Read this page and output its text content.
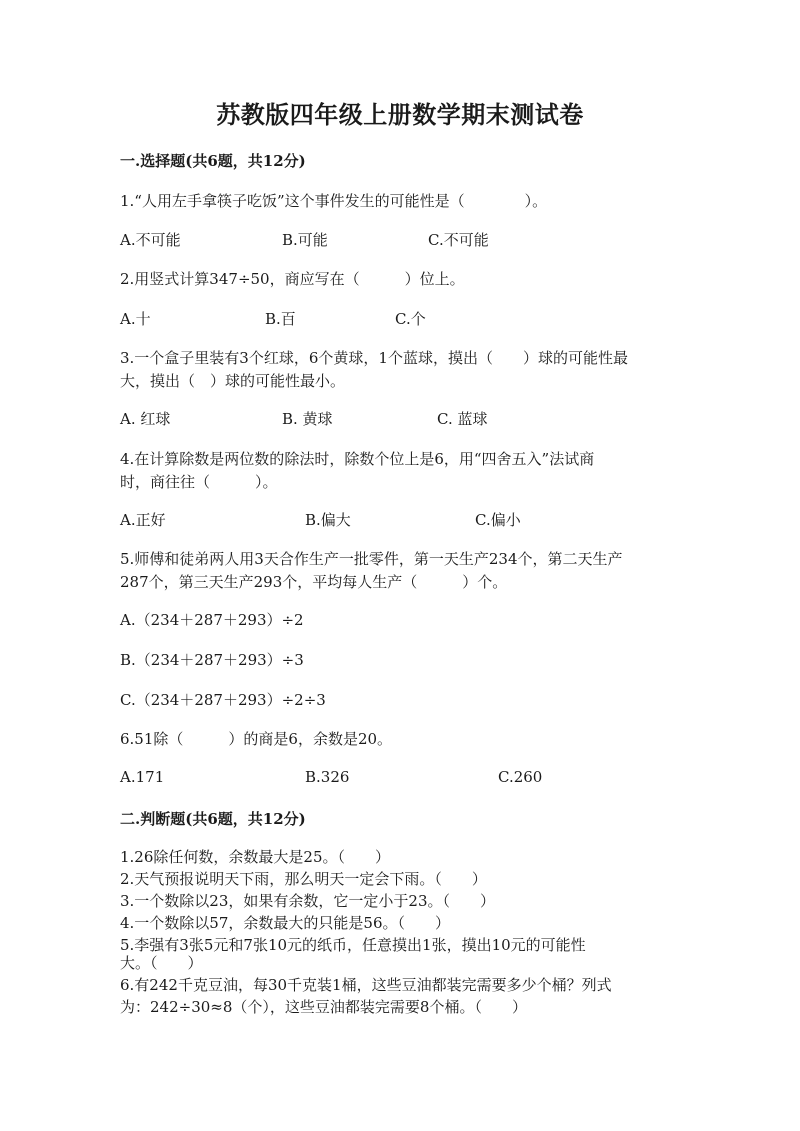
苏教版四年级上册数学期末测试卷
一.选择题(共6题，共12分)
1.“人用左手拿筷子吃饭”这个事件发生的可能性是（　　　　）。
A.不可能	B.可能	C.不可能
2.用竖式计算347÷50，商应写在（　　　）位上。
A.十	B.百	C.个
3.一个盒子里装有3个红球，6个黄球，1个蓝球，摸出（　　）球的可能性最
大，摸出（　）球的可能性最小。
A. 红球	B. 黄球	C. 蓝球
4.在计算除数是两位数的除法时，除数个位上是6，用“四舍五入”法试商
时，商往往（　　　）。
A.正好	B.偏大	C.偏小
5.师傅和徒弟两人用3天合作生产一批零件，第一天生产234个，第二天生产
287个，第三天生产293个，平均每人生产（　　　）个。
A.（234＋287＋293）÷2
B.（234＋287＋293）÷3
C.（234＋287＋293）÷2÷3
6.51除（　　　）的商是6，余数是20。
A.171	B.326	C.260
二.判断题(共6题，共12分)
1.26除任何数，余数最大是25。（　　）
2.天气预报说明天下雨，那么明天一定会下雨。（　　）
3.一个数除以23，如果有余数，它一定小于23。（　　）
4.一个数除以57，余数最大的只能是56。（　　）
5.李强有3张5元和7张10元的纸币，任意摸出1张，摸出10元的可能性
大。（　　）
6.有242千克豆油，每30千克装1桶，这些豆油都装完需要多少个桶？列式
为：242÷30≈8（个），这些豆油都装完需要8个桶。（　　）
